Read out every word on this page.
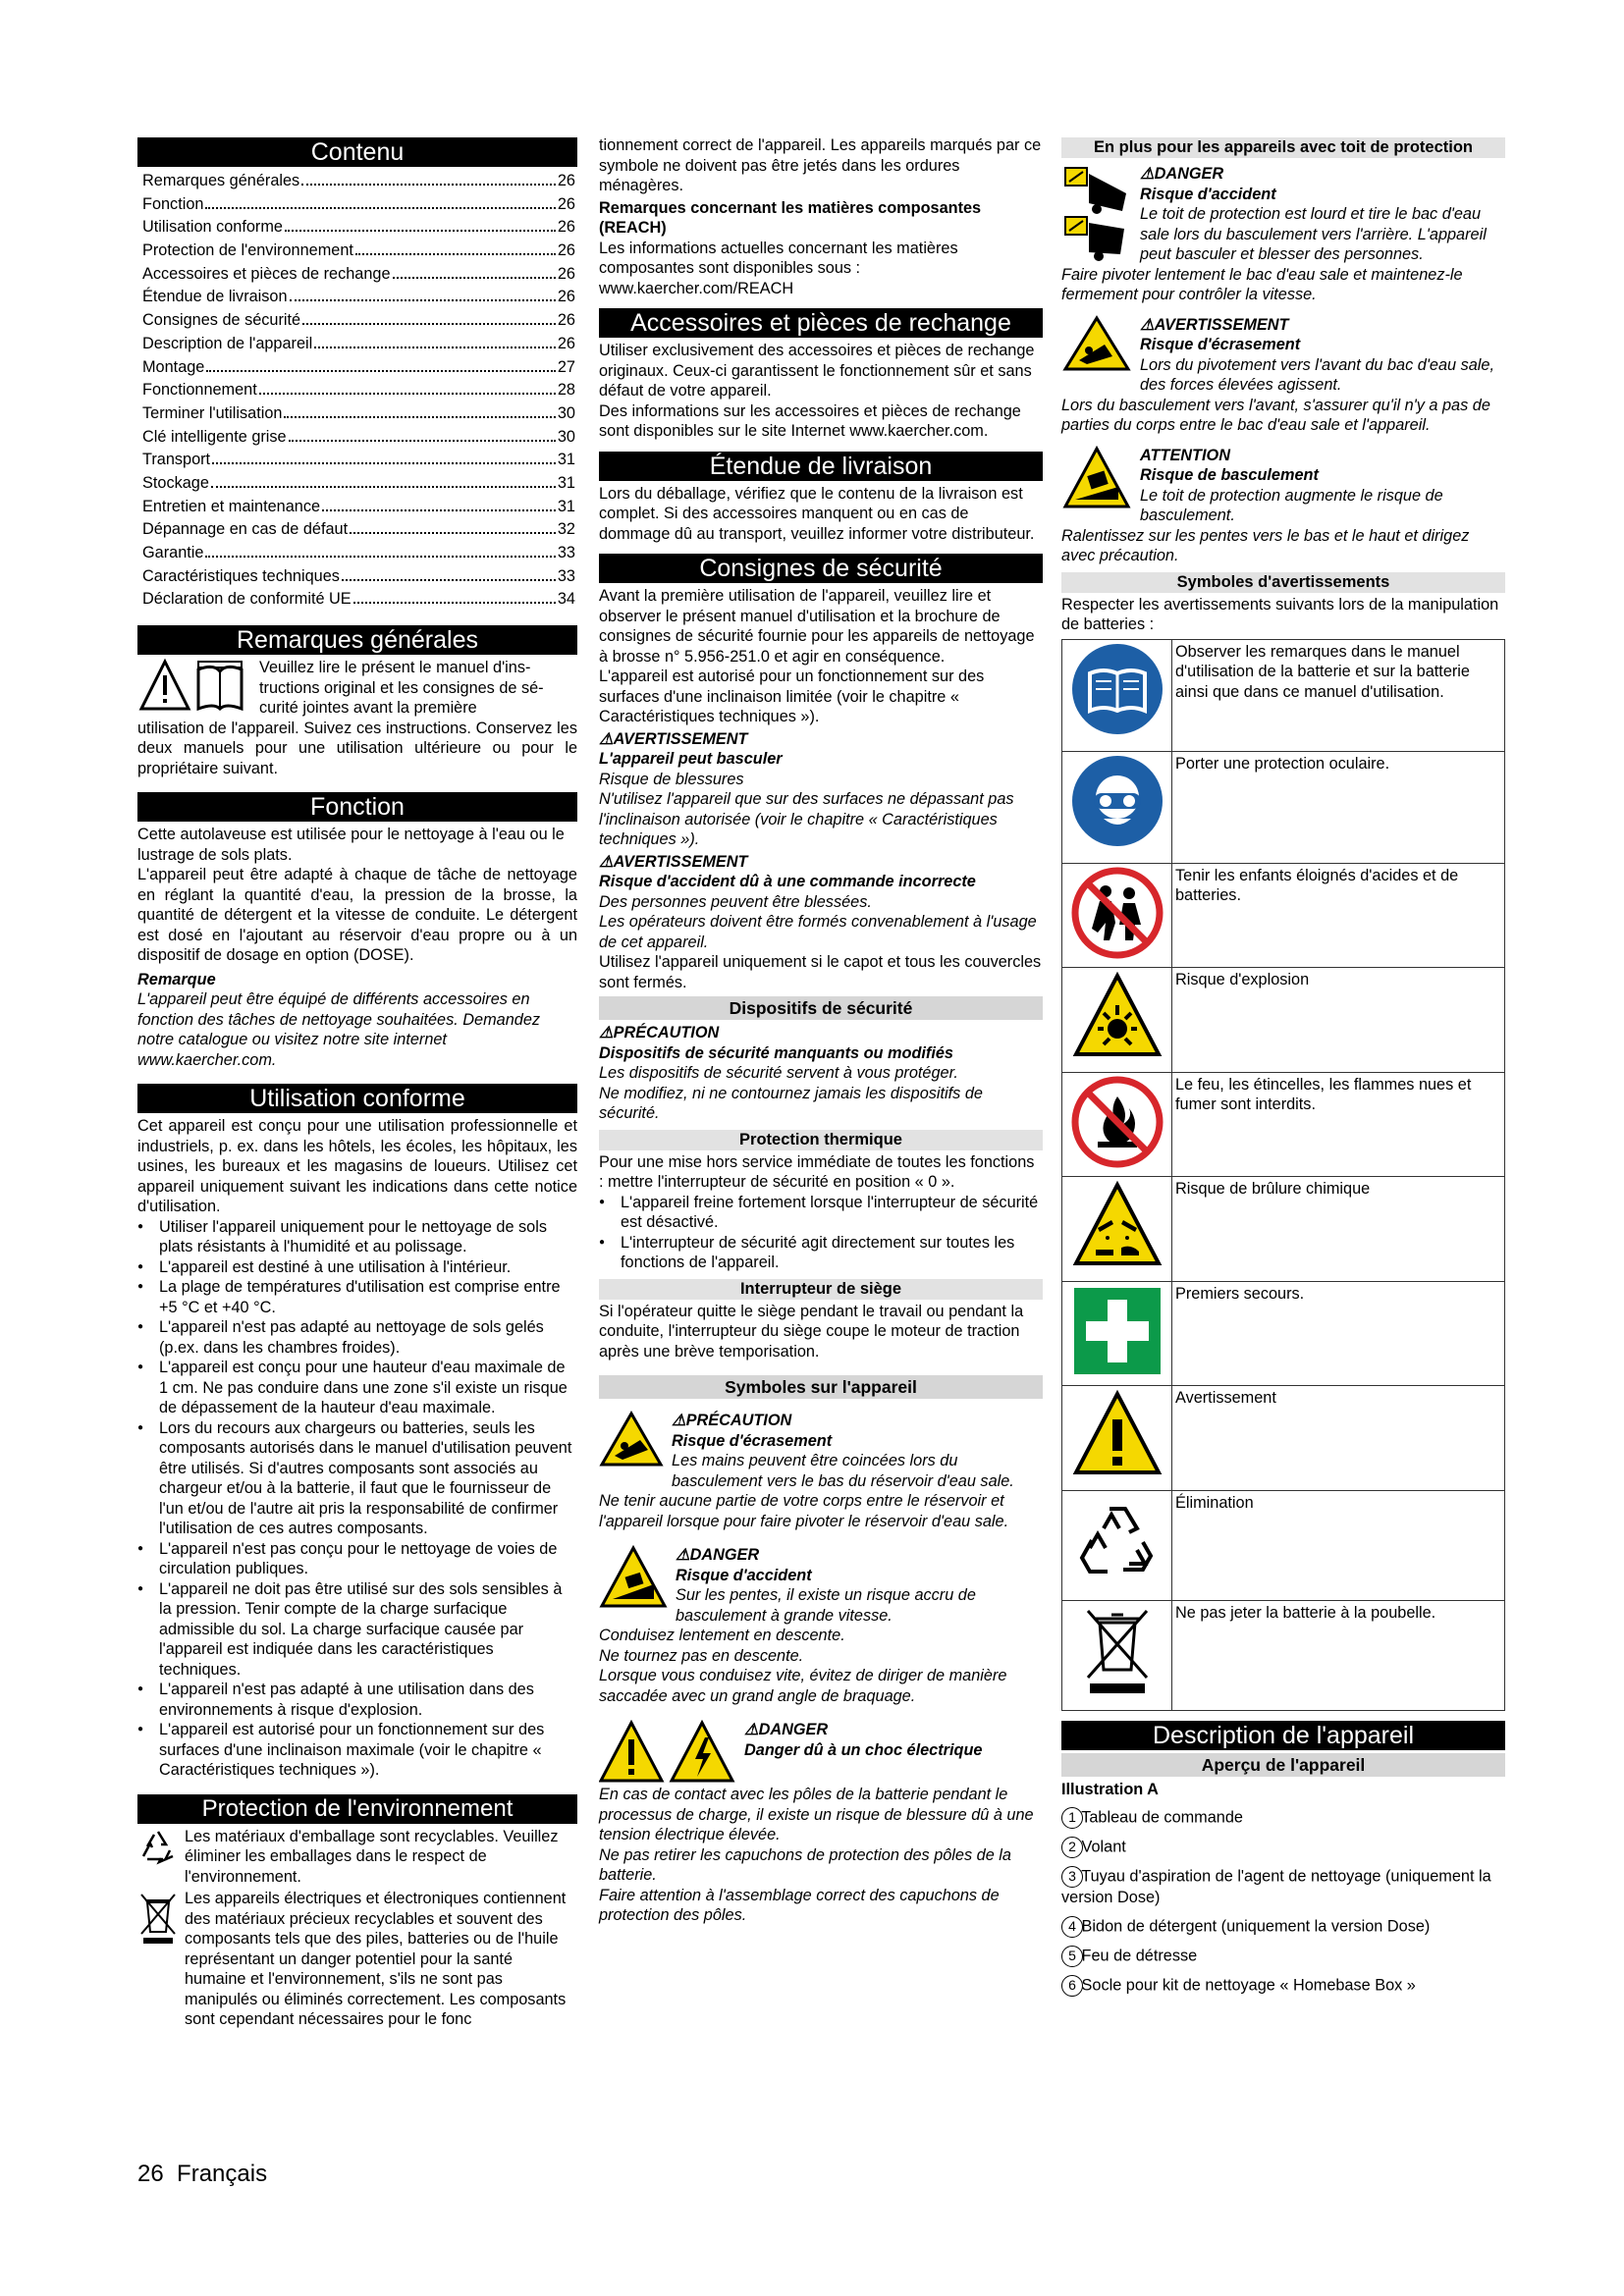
Contenu
Remarques générales	26
Fonction	26
Utilisation conforme	26
Protection de l'environnement	26
Accessoires et pièces de rechange	26
Étendue de livraison	26
Consignes de sécurité	26
Description de l'appareil	26
Montage	27
Fonctionnement	28
Terminer l'utilisation	30
Clé intelligente grise	30
Transport	31
Stockage	31
Entretien et maintenance	31
Dépannage en cas de défaut	32
Garantie	33
Caractéristiques techniques	33
Déclaration de conformité UE	34
Remarques générales

Veuillez lire le présent le manuel d'ins-

tructions original et les consignes de sé-

curité jointes avant la première

utilisation de l'appareil. Suivez ces instructions. Conservez les deux manuels pour une utilisation ultérieure ou pour le propriétaire suivant.

Fonction

Cette autolaveuse est utilisée pour le nettoyage à l'eau ou le lustrage de sols plats.

L'appareil peut être adapté à chaque de tâche de nettoyage en réglant la quantité d'eau, la pression de la brosse, la quantité de détergent et la vitesse de conduite. Le détergent est dosé en l'ajoutant au réservoir d'eau propre ou à un dispositif de dosage en option (DOSE).

Remarque

L'appareil peut être équipé de différents accessoires en fonction des tâches de nettoyage souhaitées. Demandez notre catalogue ou visitez notre site internet www.kaercher.com.

Utilisation conforme

Cet appareil est conçu pour une utilisation professionnelle et industriels, p. ex. dans les hôtels, les écoles, les hôpitaux, les usines, les bureaux et les magasins de loueurs. Utilisez cet appareil uniquement suivant les indications dans cette notice d'utilisation.

● Utiliser l'appareil uniquement pour le nettoyage de sols plats résistants à l'humidité et au polissage.
● L'appareil est destiné à une utilisation à l'intérieur.
● La plage de températures d'utilisation est comprise entre +5 °C et +40 °C.
● L'appareil n'est pas adapté au nettoyage de sols gelés (p.ex. dans les chambres froides).
● L'appareil est conçu pour une hauteur d'eau maximale de 1 cm. Ne pas conduire dans une zone s'il existe un risque de dépassement de la hauteur d'eau maximale.
● Lors du recours aux chargeurs ou batteries, seuls les composants autorisés dans le manuel d'utilisation peuvent être utilisés. Si d'autres composants sont associés au chargeur et/ou à la batterie, il faut que le fournisseur de l'un et/ou de l'autre ait pris la responsabilité de confirmer l'utilisation de ces autres composants.
● L'appareil n'est pas conçu pour le nettoyage de voies de circulation publiques.
● L'appareil ne doit pas être utilisé sur des sols sensibles à la pression. Tenir compte de la charge surfacique admissible du sol. La charge surfacique causée par l'appareil est indiquée dans les caractéristiques techniques.
● L'appareil n'est pas adapté à une utilisation dans des environnements à risque d'explosion.
● L'appareil est autorisé pour un fonctionnement sur des surfaces d'une inclinaison maximale (voir le chapitre « Caractéristiques techniques »).
Protection de l'environnement

Les matériaux d'emballage sont recyclables. Veuillez éliminer les emballages dans le respect de l'environnement.

Les appareils électriques et électroniques contiennent des matériaux précieux recyclables et souvent des composants tels que des piles, batteries ou de l'huile représentant un danger potentiel pour la santé humaine et l'environnement, s'ils ne sont pas manipulés ou éliminés correctement. Les composants sont cependant nécessaires pour le fonc

tionnement correct de l'appareil. Les appareils marqués par ce symbole ne doivent pas être jetés dans les ordures ménagères.

Remarques concernant les matières composantes (REACH)

Les informations actuelles concernant les matières composantes sont disponibles sous : www.kaercher.com/REACH

Accessoires et pièces de rechange

Utiliser exclusivement des accessoires et pièces de rechange originaux. Ceux-ci garantissent le fonctionnement sûr et sans défaut de votre appareil.

Des informations sur les accessoires et pièces de rechange sont disponibles sur le site Internet www.kaercher.com.

Étendue de livraison

Lors du déballage, vérifiez que le contenu de la livraison est complet. Si des accessoires manquent ou en cas de dommage dû au transport, veuillez informer votre distributeur.

Consignes de sécurité

Avant la première utilisation de l'appareil, veuillez lire et observer le présent manuel d'utilisation et la brochure de consignes de sécurité fournie pour les appareils de nettoyage à brosse n° 5.956-251.0 et agir en conséquence.

L'appareil est autorisé pour un fonctionnement sur des surfaces d'une inclinaison limitée (voir le chapitre « Caractéristiques techniques »).

⚠AVERTISSEMENT

L'appareil peut basculer

Risque de blessures

N'utilisez l'appareil que sur des surfaces ne dépassant pas l'inclinaison autorisée (voir le chapitre « Caractéristiques techniques »).

⚠AVERTISSEMENT

Risque d'accident dû à une commande incorrecte

Des personnes peuvent être blessées.

Les opérateurs doivent être formés convenablement à l'usage de cet appareil.

Utilisez l'appareil uniquement si le capot et tous les couvercles sont fermés.

Dispositifs de sécurité

⚠PRÉCAUTION

Dispositifs de sécurité manquants ou modifiés

Les dispositifs de sécurité servent à vous protéger.

Ne modifiez, ni ne contournez jamais les dispositifs de sécurité.

Protection thermique

Pour une mise hors service immédiate de toutes les fonctions : mettre l'interrupteur de sécurité en position « 0 ».

● L'appareil freine fortement lorsque l'interrupteur de sécurité est désactivé.
● L'interrupteur de sécurité agit directement sur toutes les fonctions de l'appareil.
Interrupteur de siège

Si l'opérateur quitte le siège pendant le travail ou pendant la conduite, l'interrupteur du siège coupe le moteur de traction après une brève temporisation.

Symboles sur l'appareil

⚠PRÉCAUTION

Risque d'écrasement

Les mains peuvent être coincées lors du basculement vers le bas du réservoir d'eau sale.

Ne tenir aucune partie de votre corps entre le réservoir et l'appareil lorsque pour faire pivoter le réservoir d'eau sale.

⚠DANGER

Risque d'accident

Sur les pentes, il existe un risque accru de basculement à grande vitesse.

Conduisez lentement en descente.

Ne tournez pas en descente.

Lorsque vous conduisez vite, évitez de diriger de manière saccadée avec un grand angle de braquage.

⚠DANGER

Danger dû à un choc électrique

En cas de contact avec les pôles de la batterie pendant le processus de charge, il existe un risque de blessure dû à une tension électrique élevée.

Ne pas retirer les capuchons de protection des pôles de la batterie.

Faire attention à l'assemblage correct des capuchons de protection des pôles.

En plus pour les appareils avec toit de protection

⚠DANGER

Risque d'accident

Le toit de protection est lourd et tire le bac d'eau sale lors du basculement vers l'arrière. L'appareil peut basculer et blesser des personnes.

Faire pivoter lentement le bac d'eau sale et maintenez-le fermement pour contrôler la vitesse.

⚠AVERTISSEMENT

Risque d'écrasement

Lors du pivotement vers l'avant du bac d'eau sale, des forces élevées agissent.

Lors du basculement vers l'avant, s'assurer qu'il n'y a pas de parties du corps entre le bac d'eau sale et l'appareil.

ATTENTION

Risque de basculement

Le toit de protection augmente le risque de basculement.

Ralentissez sur les pentes vers le bas et le haut et dirigez avec précaution.

Symboles d'avertissements

Respecter les avertissements suivants lors de la manipulation de batteries :

	Observer les remarques dans le manuel d'utilisation de la batterie et sur la batterie ainsi que dans ce manuel d'utilisation.
	Porter une protection oculaire.
	Tenir les enfants éloignés d'acides et de batteries.
	Risque d'explosion
	Le feu, les étincelles, les flammes nues et fumer sont interdits.
	Risque de brûlure chimique
	Premiers secours.
	Avertissement
	Élimination
	Ne pas jeter la batterie à la poubelle.
Description de l'appareil
Aperçu de l'appareil

Illustration A

1 Tableau de commande

2 Volant

3 Tuyau d'aspiration de l'agent de nettoyage (uniquement la version Dose)

4 Bidon de détergent (uniquement la version Dose)

5 Feu de détresse

6 Socle pour kit de nettoyage « Homebase Box »

26 Français
